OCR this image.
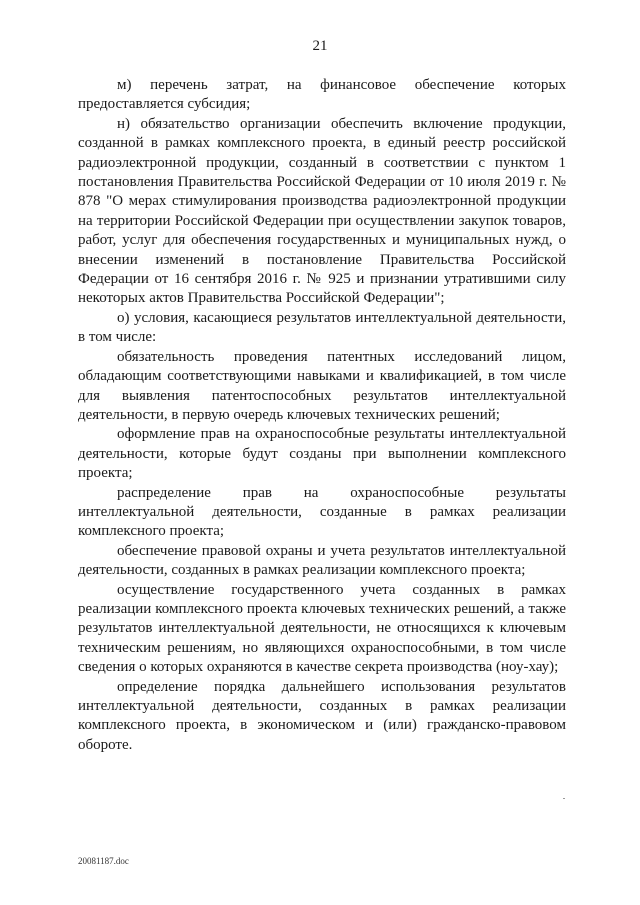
21

м) перечень затрат, на финансовое обеспечение которых предоставляется субсидия;

н) обязательство организации обеспечить включение продукции, созданной в рамках комплексного проекта, в единый реестр российской радиоэлектронной продукции, созданный в соответствии с пунктом 1 постановления Правительства Российской Федерации от 10 июля 2019 г. № 878 "О мерах стимулирования производства радиоэлектронной продукции на территории Российской Федерации при осуществлении закупок товаров, работ, услуг для обеспечения государственных и муниципальных нужд, о внесении изменений в постановление Правительства Российской Федерации от 16 сентября 2016 г. № 925 и признании утратившими силу некоторых актов Правительства Российской Федерации";

о) условия, касающиеся результатов интеллектуальной деятельности, в том числе:

обязательность проведения патентных исследований лицом, обладающим соответствующими навыками и квалификацией, в том числе для выявления патентоспособных результатов интеллектуальной деятельности, в первую очередь ключевых технических решений;

оформление прав на охраноспособные результаты интеллектуальной деятельности, которые будут созданы при выполнении комплексного проекта;

распределение прав на охраноспособные результаты интеллектуальной деятельности, созданные в рамках реализации комплексного проекта;

обеспечение правовой охраны и учета результатов интеллектуальной деятельности, созданных в рамках реализации комплексного проекта;

осуществление государственного учета созданных в рамках реализации комплексного проекта ключевых технических решений, а также результатов интеллектуальной деятельности, не относящихся к ключевым техническим решениям, но являющихся охраноспособными, в том числе сведения о которых охраняются в качестве секрета производства (ноу-хау);

определение порядка дальнейшего использования результатов интеллектуальной деятельности, созданных в рамках реализации комплексного проекта, в экономическом и (или) гражданско-правовом обороте.

20081187.doc
